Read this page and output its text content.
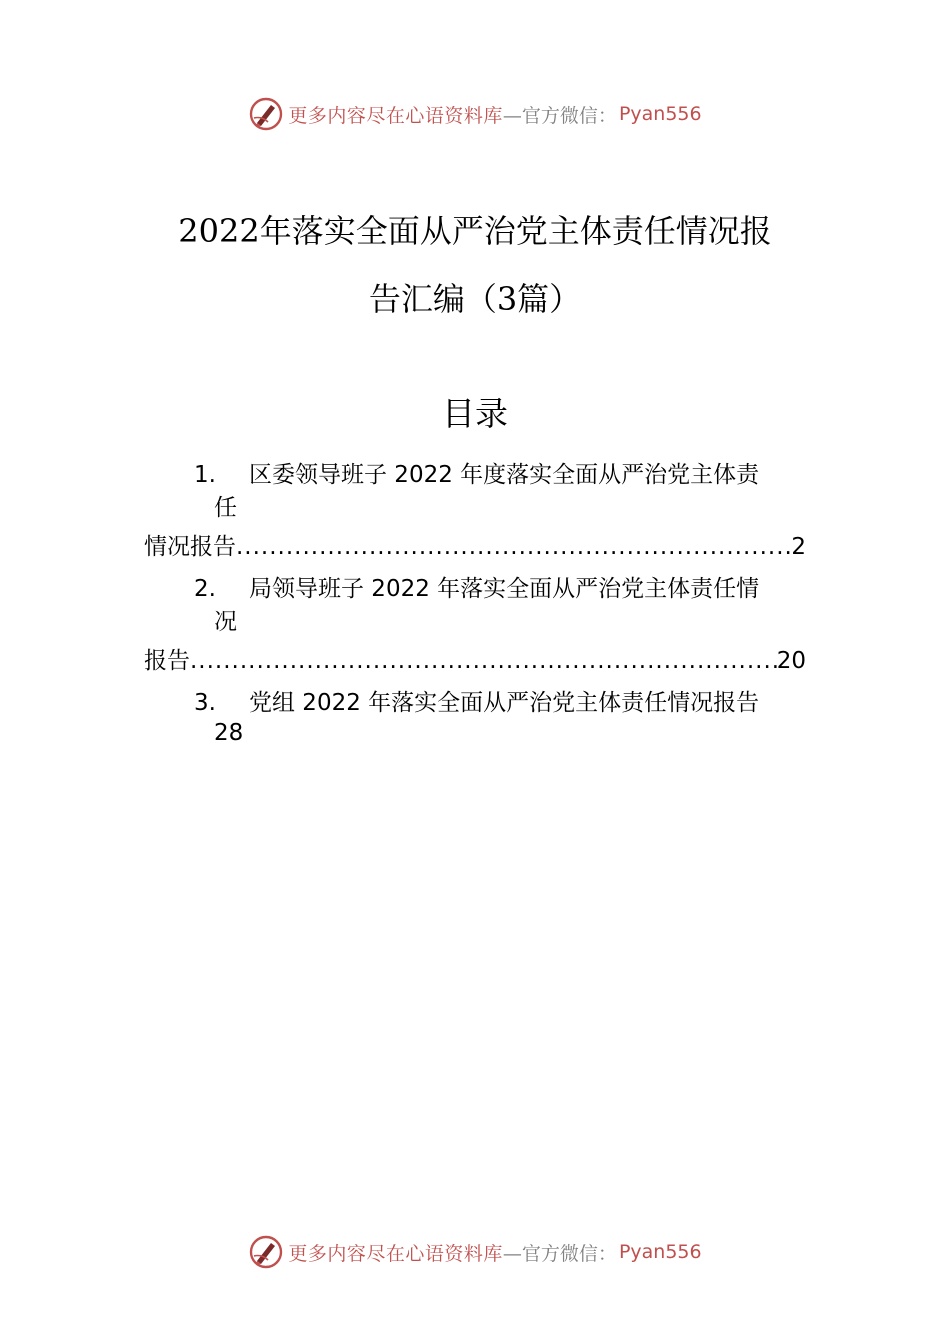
更多内容尽在心语资料库 —官方微信： Pyan556
2022年落实全面从严治党主体责任情况报
告汇编（3篇）
目录
1. 区委领导班子 2022 年度落实全面从严治党主体责
任
情况报告 .....	2
2. 局领导班子 2022 年落实全面从严治党主体责任情
况
报告 .....	20
3. 党组 2022 年落实全面从严治党主体责任情况报告
28
更多内容尽在心语资料库 —官方微信： Pyan556
